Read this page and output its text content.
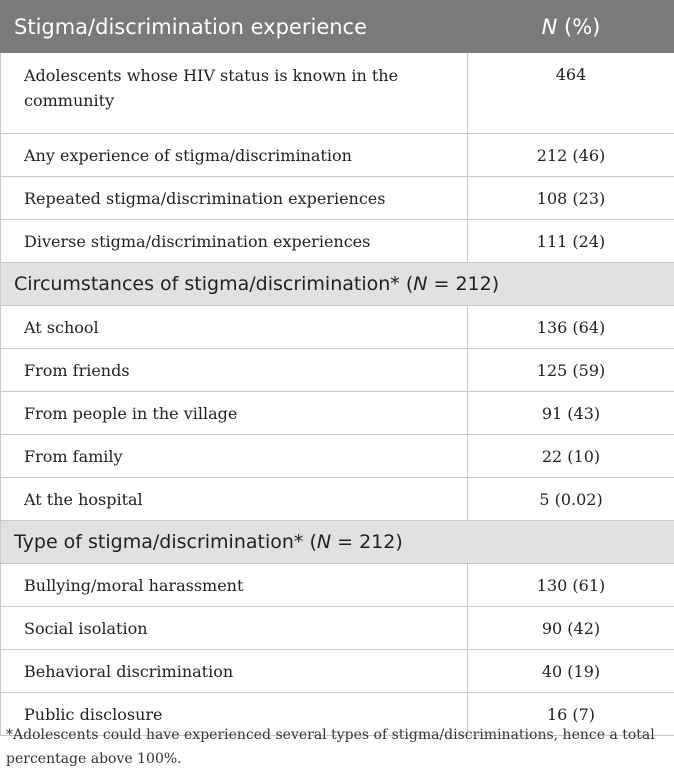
Stigma/discrimination experience	N (%)
Adolescents whose HIV status is known in the community	464
Any experience of stigma/discrimination	212 (46)
Repeated stigma/discrimination experiences	108 (23)
Diverse stigma/discrimination experiences	111 (24)
Circumstances of stigma/discrimination* (N = 212)	
At school	136 (64)
From friends	125 (59)
From people in the village	91 (43)
From family	22 (10)
At the hospital	5 (0.02)
Type of stigma/discrimination* (N = 212)	
Bullying/moral harassment	130 (61)
Social isolation	90 (42)
Behavioral discrimination	40 (19)
Public disclosure	16 (7)
*Adolescents could have experienced several types of stigma/discriminations, hence a total percentage above 100%.
